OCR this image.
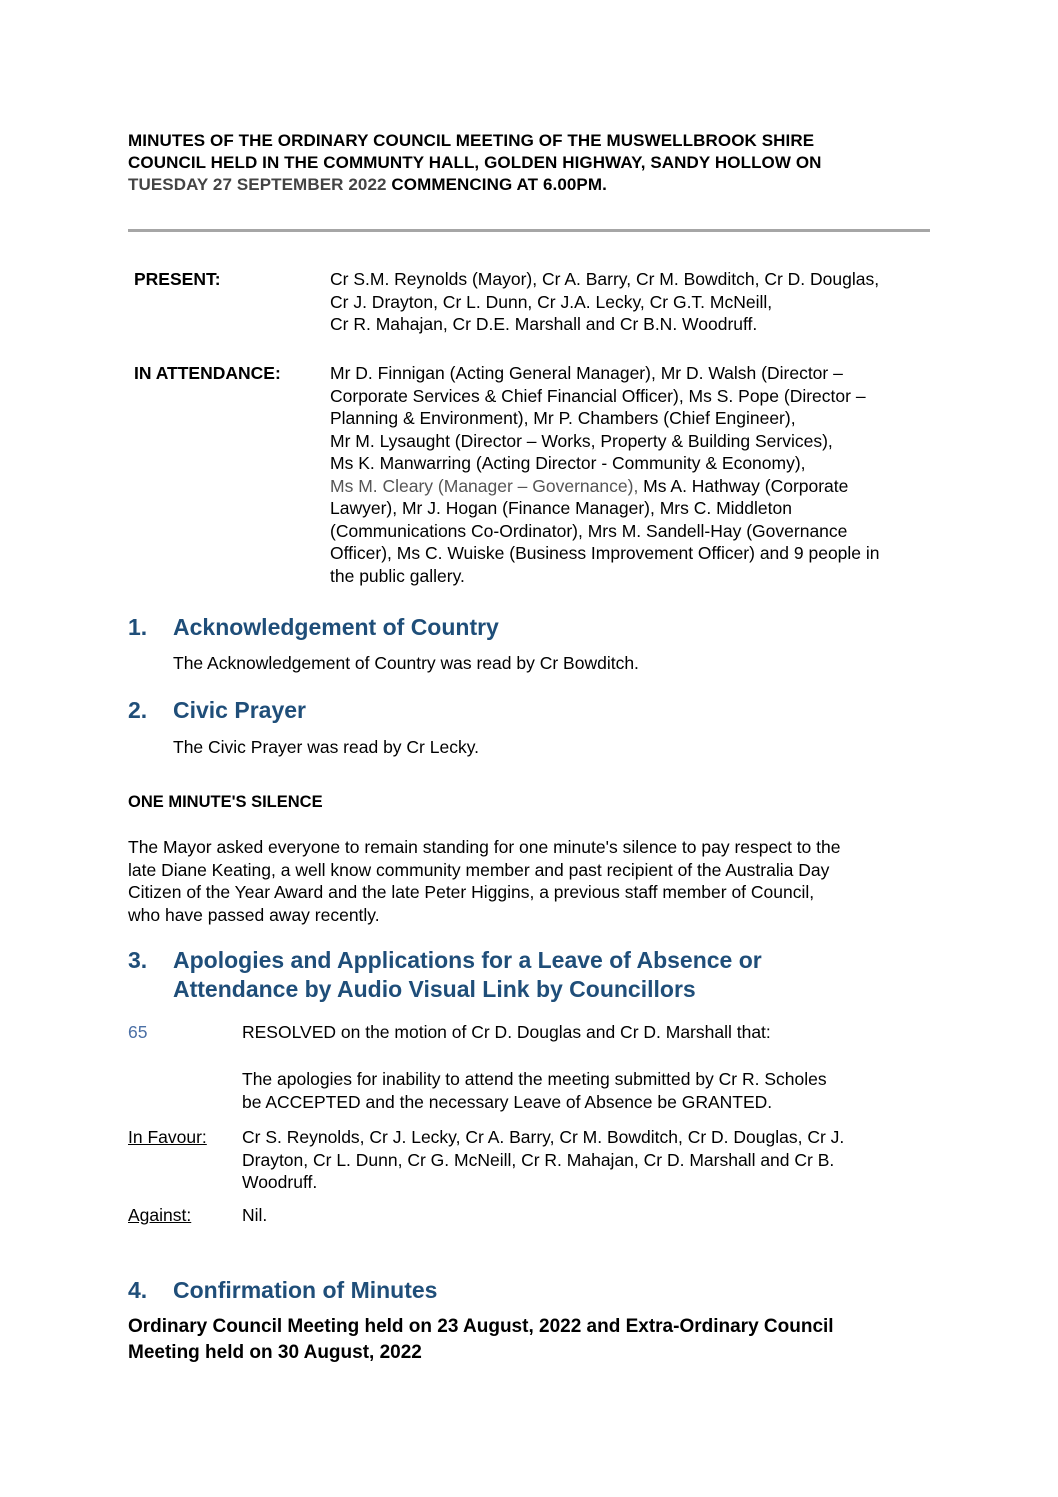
MINUTES OF THE ORDINARY COUNCIL MEETING OF THE MUSWELLBROOK SHIRE
COUNCIL HELD IN THE COMMUNTY HALL, GOLDEN HIGHWAY, SANDY HOLLOW ON
TUESDAY 27 SEPTEMBER 2022 COMMENCING AT 6.00PM.
PRESENT:	Cr S.M. Reynolds (Mayor), Cr A. Barry, Cr M. Bowditch, Cr D. Douglas,
Cr J. Drayton, Cr L. Dunn, Cr J.A. Lecky, Cr G.T. McNeill,
Cr R. Mahajan, Cr D.E. Marshall and Cr B.N. Woodruff.
IN ATTENDANCE:	Mr D. Finnigan (Acting General Manager), Mr D. Walsh (Director –
Corporate Services & Chief Financial Officer), Ms S. Pope (Director –
Planning & Environment), Mr P. Chambers (Chief Engineer),
Mr M. Lysaught (Director – Works, Property & Building Services),
Ms K. Manwarring (Acting Director - Community & Economy),
Ms M. Cleary (Manager – Governance), Ms A. Hathway (Corporate
Lawyer), Mr J. Hogan (Finance Manager), Mrs C. Middleton
(Communications Co-Ordinator), Mrs M. Sandell-Hay (Governance
Officer), Ms C. Wuiske (Business Improvement Officer) and 9 people in
the public gallery.
1. Acknowledgement of Country
The Acknowledgement of Country was read by Cr Bowditch.
2. Civic Prayer
The Civic Prayer was read by Cr Lecky.
ONE MINUTE'S SILENCE
The Mayor asked everyone to remain standing for one minute's silence to pay respect to the
late Diane Keating, a well know community member and past recipient of the Australia Day
Citizen of the Year Award and the late Peter Higgins, a previous staff member of Council,
who have passed away recently.
3. Apologies and Applications for a Leave of Absence or
Attendance by Audio Visual Link by Councillors
65	RESOLVED on the motion of Cr D. Douglas and Cr D. Marshall that:
The apologies for inability to attend the meeting submitted by Cr R. Scholes
be ACCEPTED and the necessary Leave of Absence be GRANTED.
In Favour: Cr S. Reynolds, Cr J. Lecky, Cr A. Barry, Cr M. Bowditch, Cr D. Douglas, Cr J.
Drayton, Cr L. Dunn, Cr G. McNeill, Cr R. Mahajan, Cr D. Marshall and Cr B.
Woodruff.
Against:	Nil.
4. Confirmation of Minutes
Ordinary Council Meeting held on 23 August, 2022 and Extra-Ordinary Council
Meeting held on 30 August, 2022
